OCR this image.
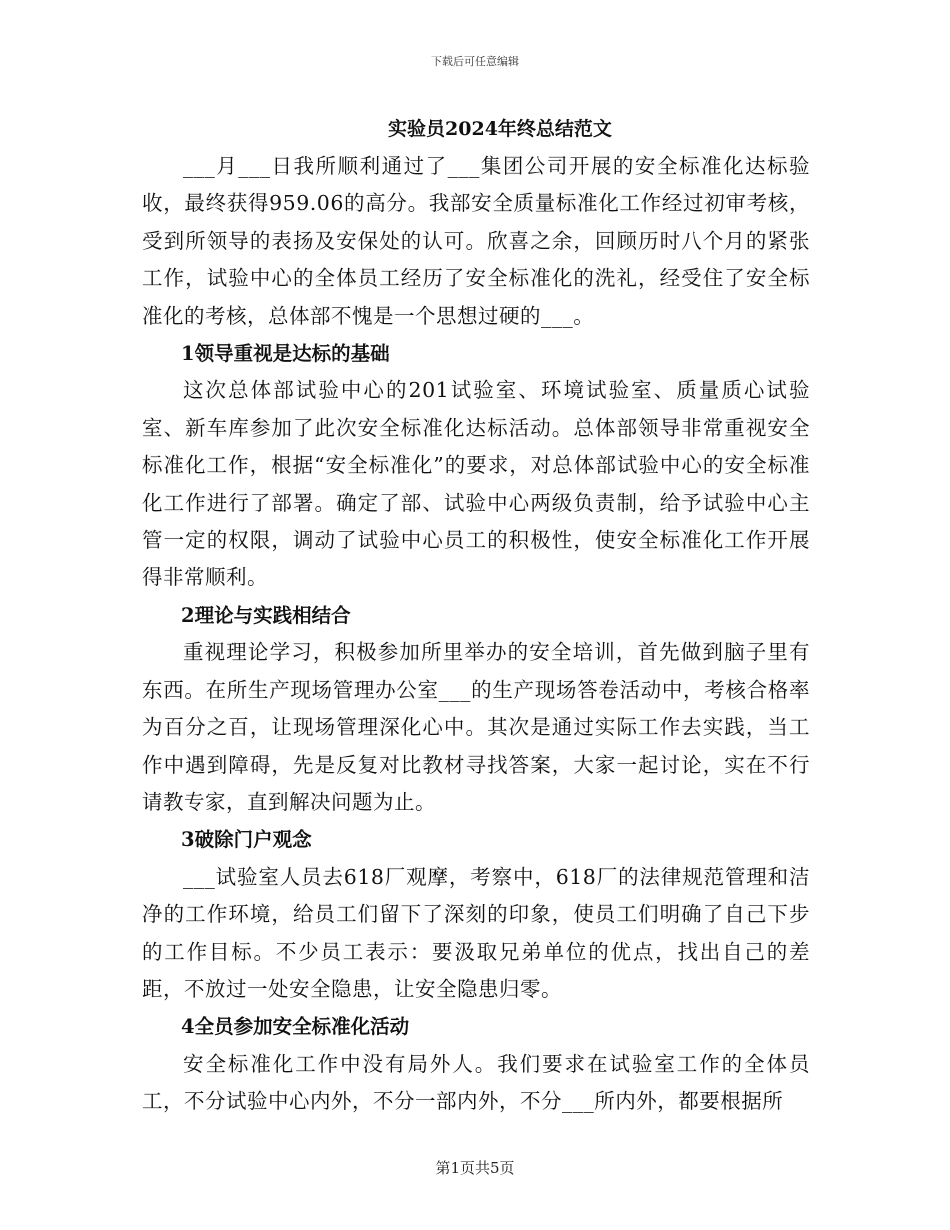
下载后可任意编辑
实验员2024年终总结范文

___月___日我所顺利通过了___集团公司开展的安全标准化达标验收，最终获得959.06的高分。我部安全质量标准化工作经过初审考核，受到所领导的表扬及安保处的认可。欣喜之余，回顾历时八个月的紧张工作，试验中心的全体员工经历了安全标准化的洗礼，经受住了安全标准化的考核，总体部不愧是一个思想过硬的___。

1领导重视是达标的基础

这次总体部试验中心的201试验室、环境试验室、质量质心试验室、新车库参加了此次安全标准化达标活动。总体部领导非常重视安全标准化工作，根据“安全标准化”的要求，对总体部试验中心的安全标准化工作进行了部署。确定了部、试验中心两级负责制，给予试验中心主管一定的权限，调动了试验中心员工的积极性，使安全标准化工作开展得非常顺利。

2理论与实践相结合

重视理论学习，积极参加所里举办的安全培训，首先做到脑子里有东西。在所生产现场管理办公室___的生产现场答卷活动中，考核合格率为百分之百，让现场管理深化心中。其次是通过实际工作去实践，当工作中遇到障碍，先是反复对比教材寻找答案，大家一起讨论，实在不行请教专家，直到解决问题为止。

3破除门户观念

___试验室人员去618厂观摩，考察中，618厂的法律规范管理和洁净的工作环境，给员工们留下了深刻的印象，使员工们明确了自己下步的工作目标。不少员工表示：要汲取兄弟单位的优点，找出自己的差距，不放过一处安全隐患，让安全隐患归零。

4全员参加安全标准化活动

安全标准化工作中没有局外人。我们要求在试验室工作的全体员工，不分试验中心内外，不分一部内外，不分___所内外，都要根据所

第1页共5页
